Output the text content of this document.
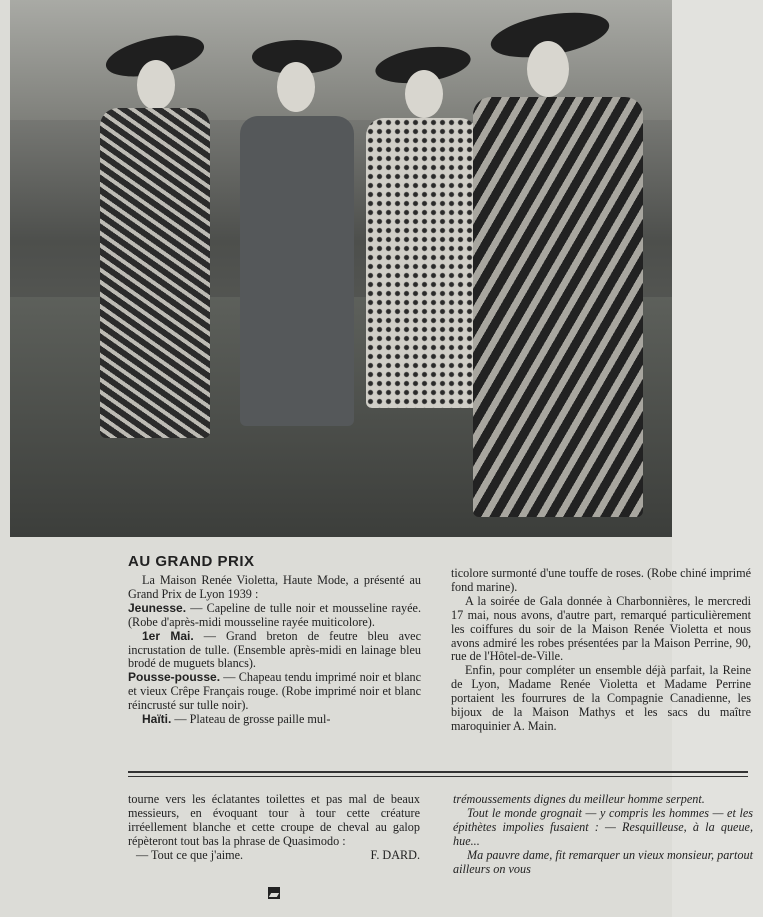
AU GRAND PRIX

La Maison Renée Violetta, Haute Mode, a présenté au Grand Prix de Lyon 1939 :

Jeunesse. — Capeline de tulle noir et mousseline rayée. (Robe d'après-midi mousseline rayée muiticolore).

1er Mai. — Grand breton de feutre bleu avec incrustation de tulle. (Ensemble après-midi en lainage bleu brodé de muguets blancs).

Pousse-pousse. — Chapeau tendu imprimé noir et blanc et vieux Crêpe Français rouge. (Robe imprimé noir et blanc réincrusté sur tulle noir).

Haïti. — Plateau de grosse paille mul-

ticolore surmonté d'une touffe de roses. (Robe chiné imprimé fond marine).

A la soirée de Gala donnée à Charbonnières, le mercredi 17 mai, nous avons, d'autre part, remarqué particulièrement les coiffures du soir de la Maison Renée Violetta et nous avons admiré les robes présentées par la Maison Perrine, 90, rue de l'Hôtel-de-Ville.

Enfin, pour compléter un ensemble déjà parfait, la Reine de Lyon, Madame Renée Violetta et Madame Perrine portaient les fourrures de la Compagnie Canadienne, les bijoux de la Maison Mathys et les sacs du maître maroquinier A. Main.

tourne vers les éclatantes toilettes et pas mal de beaux messieurs, en évoquant tour à tour cette créature irréellement blanche et cette croupe de cheval au galop répèteront tout bas la phrase de Quasimodo :

— Tout ce que j'aime.	F. DARD.

trémoussements dignes du meilleur homme serpent.

Tout le monde grognait — y compris les hommes — et les épithètes impolies fusaient : — Resquilleuse, à la queue, hue...

Ma pauvre dame, fit remarquer un vieux monsieur, partout ailleurs on vous
